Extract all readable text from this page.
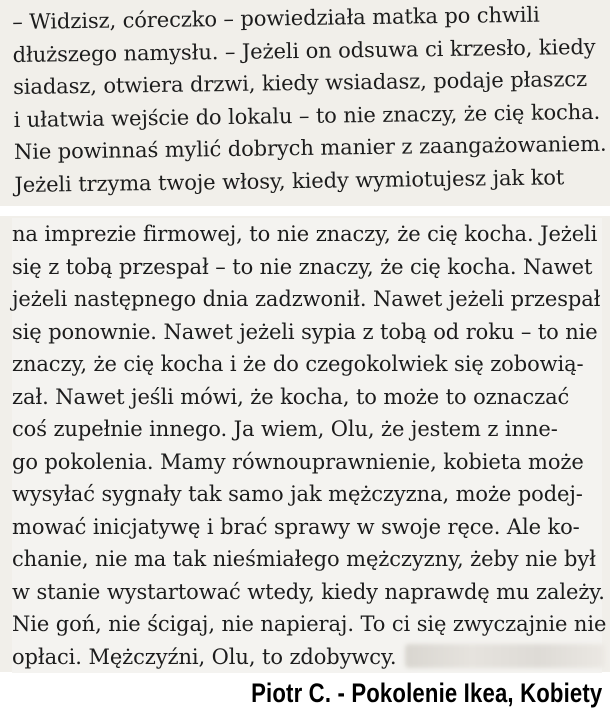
– Widzisz, córeczko – powiedziała matka po chwili
dłuższego namysłu. – Jeżeli on odsuwa ci krzesło, kiedy
siadasz, otwiera drzwi, kiedy wsiadasz, podaje płaszcz
i ułatwia wejście do lokalu – to nie znaczy, że cię kocha.
Nie powinnaś mylić dobrych manier z zaangażowaniem.
Jeżeli trzyma twoje włosy, kiedy wymiotujesz jak kot
na imprezie firmowej, to nie znaczy, że cię kocha. Jeżeli
się z tobą przespał – to nie znaczy, że cię kocha. Nawet
jeżeli następnego dnia zadzwonił. Nawet jeżeli przespał
się ponownie. Nawet jeżeli sypia z tobą od roku – to nie
znaczy, że cię kocha i że do czegokolwiek się zobowią-
zał. Nawet jeśli mówi, że kocha, to może to oznaczać
coś zupełnie innego. Ja wiem, Olu, że jestem z inne-
go pokolenia. Mamy równouprawnienie, kobieta może
wysyłać sygnały tak samo jak mężczyzna, może podej-
mować inicjatywę i brać sprawy w swoje ręce. Ale ko-
chanie, nie ma tak nieśmiałego mężczyzny, żeby nie był
w stanie wystartować wtedy, kiedy naprawdę mu zależy.
Nie goń, nie ścigaj, nie napieraj. To ci się zwyczajnie nie
opłaci. Mężczyźni, Olu, to zdobywcy.
Piotr C. - Pokolenie Ikea, Kobiety
